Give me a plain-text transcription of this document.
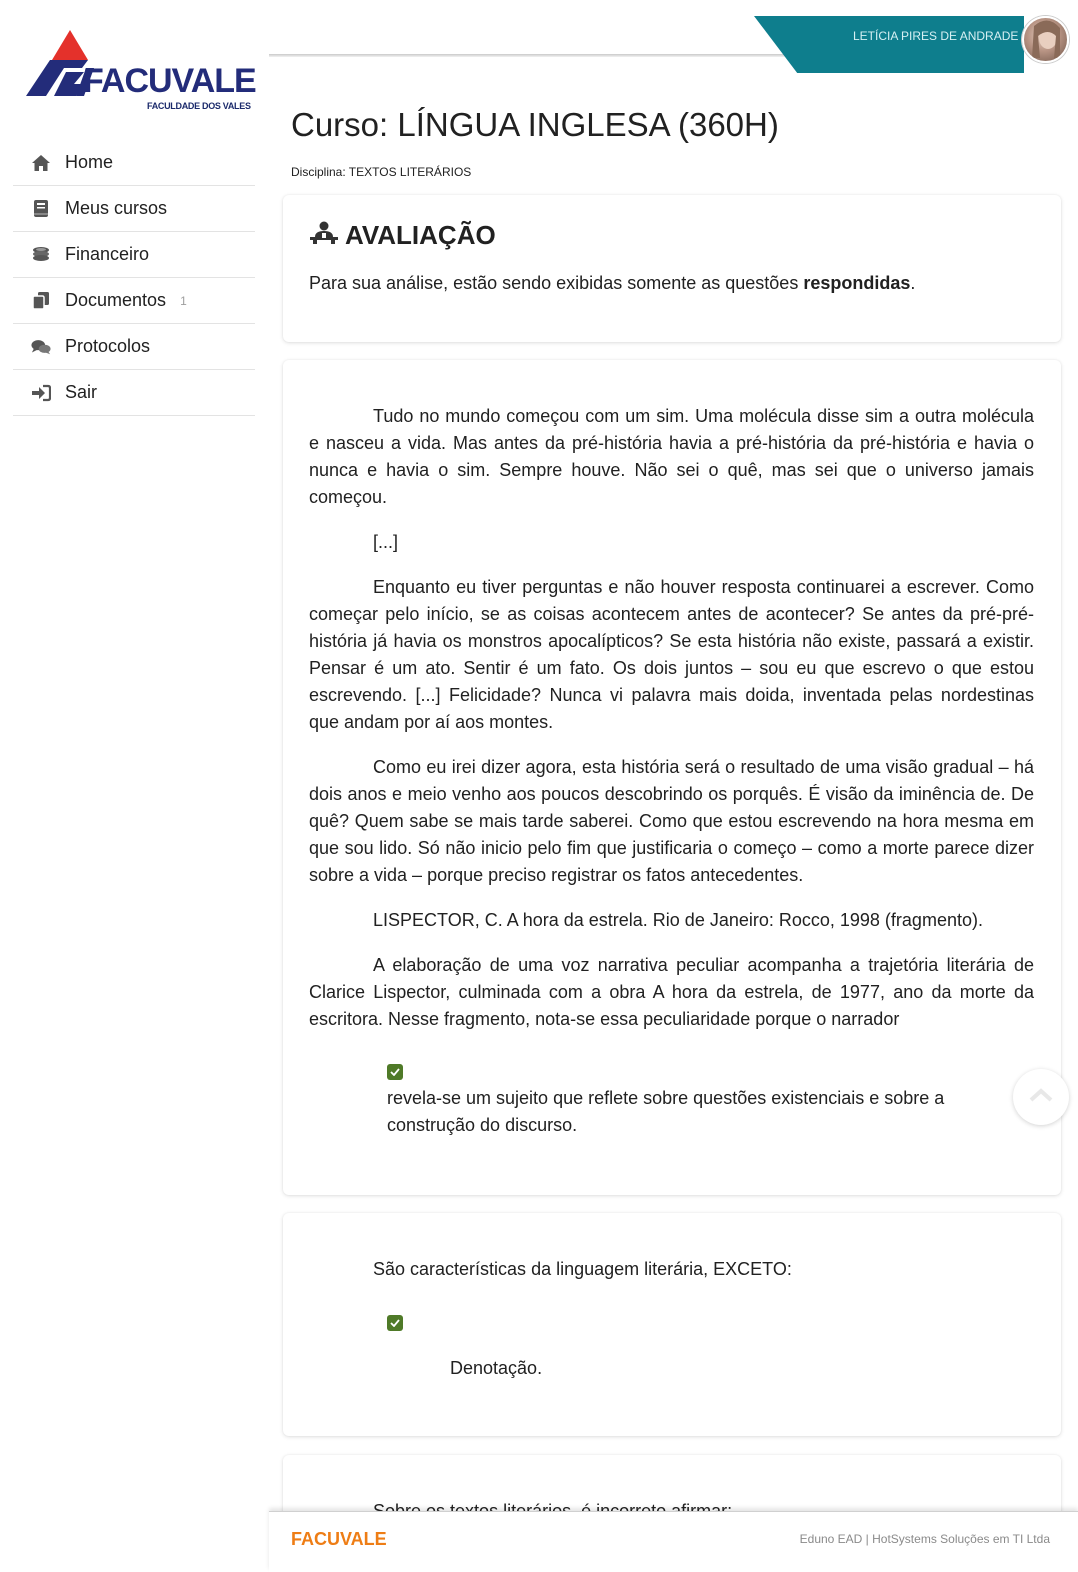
FACUVALE
FACULDADE DOS VALES
Home
Meus cursos
Financeiro
Documentos 1
Protocolos
Sair
LETÍCIA PIRES DE ANDRADE
Curso: LÍNGUA INGLESA (360H)
Disciplina: TEXTOS LITERÁRIOS
AVALIAÇÃO

Para sua análise, estão sendo exibidas somente as questões respondidas.

Tudo no mundo começou com um sim. Uma molécula disse sim a outra molécula e nasceu a vida. Mas antes da pré-história havia a pré-história da pré-história e havia o nunca e havia o sim. Sempre houve. Não sei o quê, mas sei que o universo jamais começou.

[...]

Enquanto eu tiver perguntas e não houver resposta continuarei a escrever. Como começar pelo início, se as coisas acontecem antes de acontecer? Se antes da pré-pré-história já havia os monstros apocalípticos? Se esta história não existe, passará a existir. Pensar é um ato. Sentir é um fato. Os dois juntos – sou eu que escrevo o que estou escrevendo. [...] Felicidade? Nunca vi palavra mais doida, inventada pelas nordestinas que andam por aí aos montes.

Como eu irei dizer agora, esta história será o resultado de uma visão gradual – há dois anos e meio venho aos poucos descobrindo os porquês. É visão da iminência de. De quê? Quem sabe se mais tarde saberei. Como que estou escrevendo na hora mesma em que sou lido. Só não inicio pelo fim que justificaria o começo – como a morte parece dizer sobre a vida – porque preciso registrar os fatos antecedentes.

LISPECTOR, C. A hora da estrela. Rio de Janeiro: Rocco, 1998 (fragmento).

A elaboração de uma voz narrativa peculiar acompanha a trajetória literária de Clarice Lispector, culminada com a obra A hora da estrela, de 1977, ano da morte da escritora. Nesse fragmento, nota-se essa peculiaridade porque o narrador

revela-se um sujeito que reflete sobre questões existenciais e sobre a
construção do discurso.
São características da linguagem literária, EXCETO:
Denotação.
FACUVALE	Eduno EAD | HotSystems Soluções em TI Ltda
